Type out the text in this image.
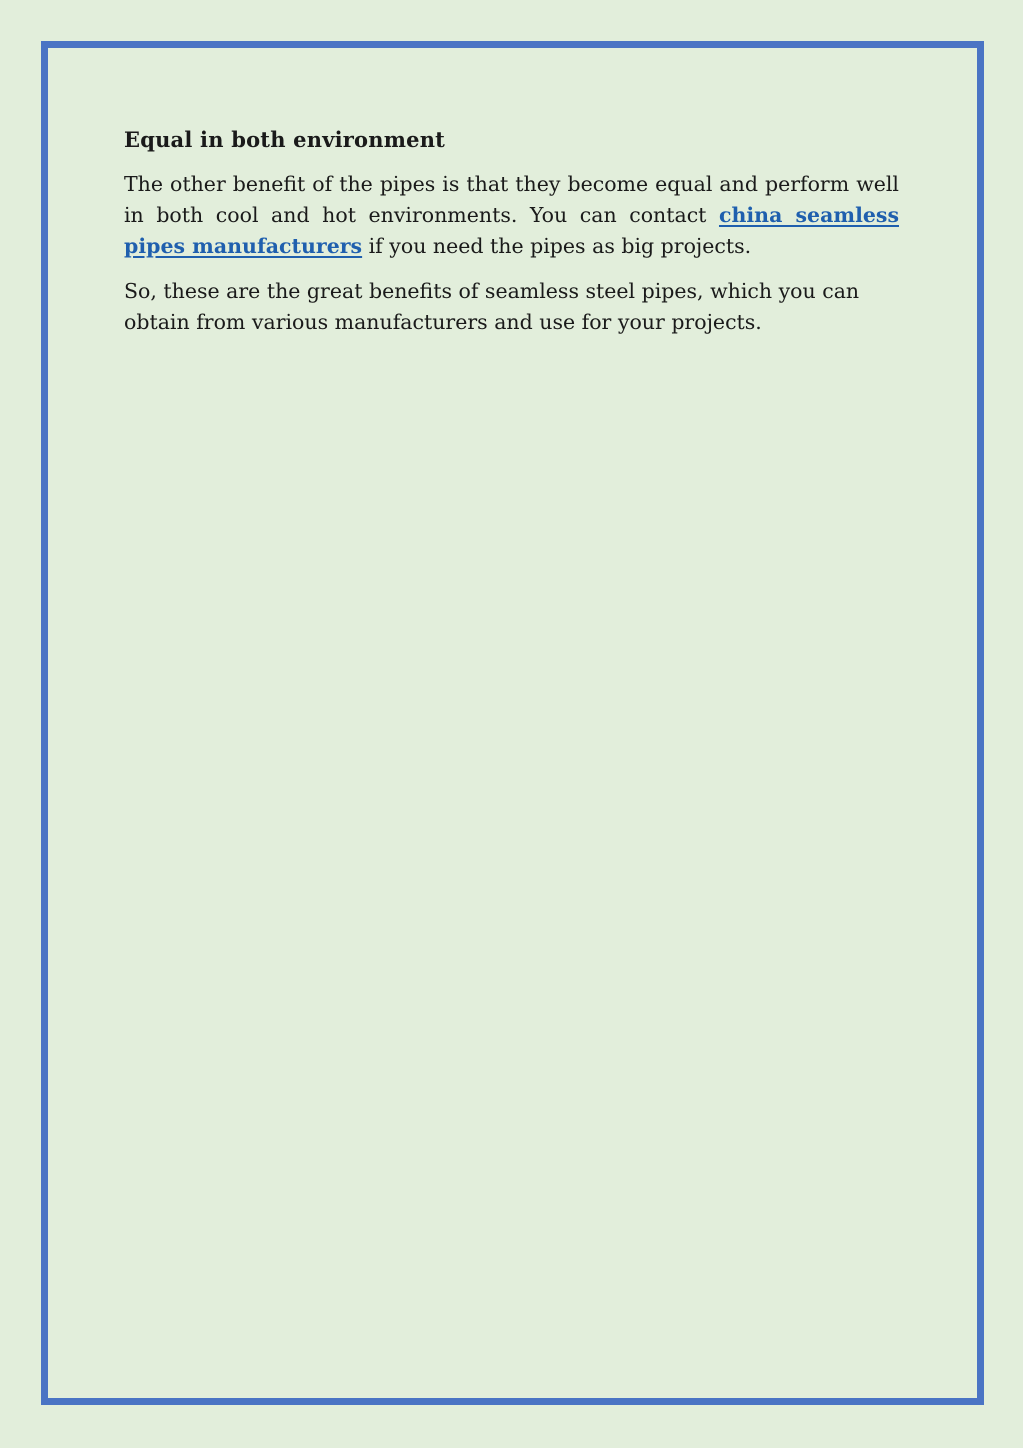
Equal in both environment

The other benefit of the pipes is that they become equal and perform well in both cool and hot environments. You can contact china seamless pipes manufacturers if you need the pipes as big projects.

So, these are the great benefits of seamless steel pipes, which you can obtain from various manufacturers and use for your projects.
